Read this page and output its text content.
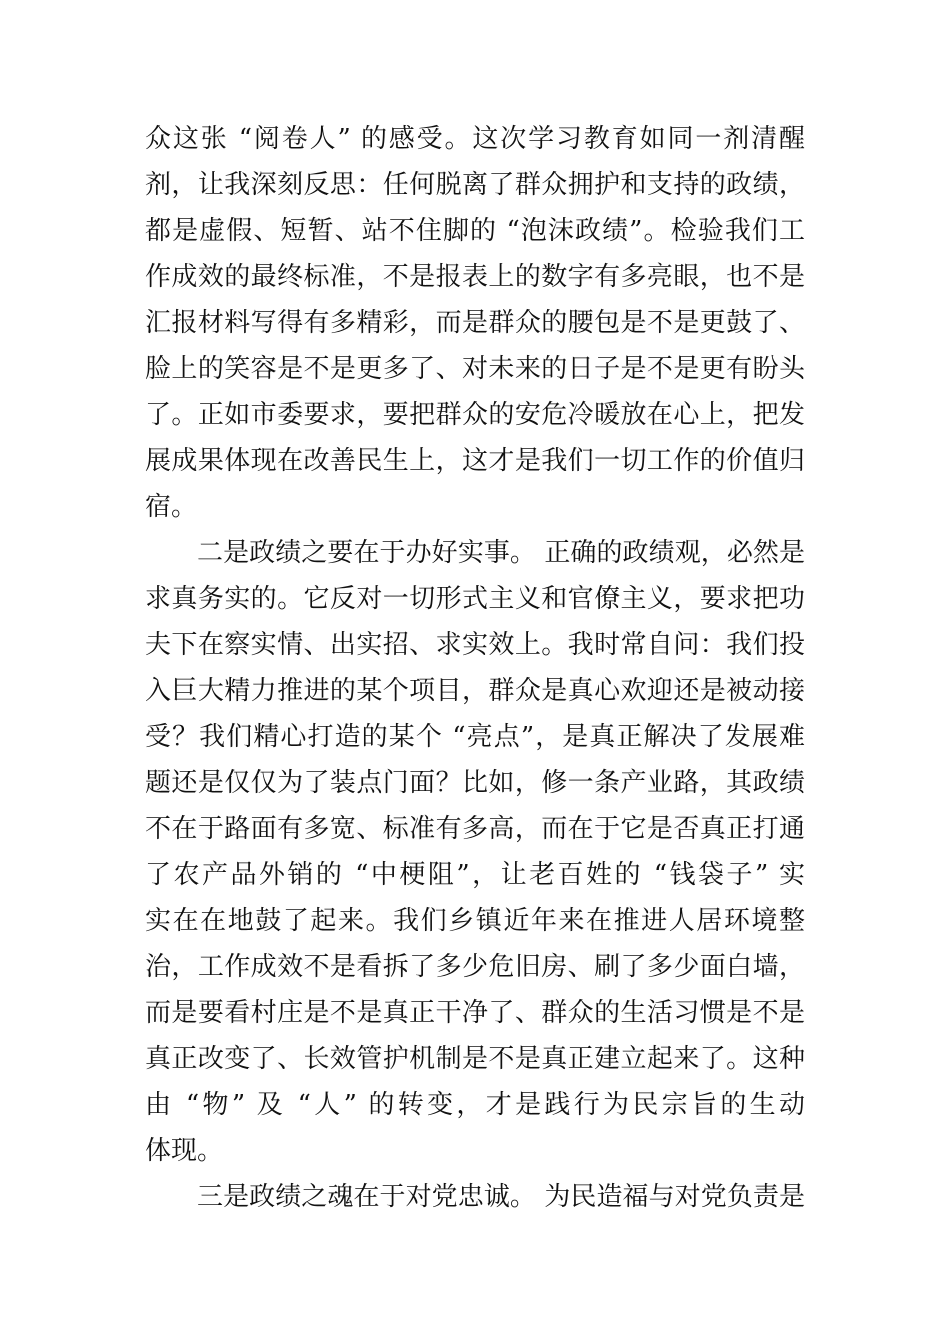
众这张 “阅卷人” 的感受。这次学习教育如同一剂清醒
剂，让我深刻反思：任何脱离了群众拥护和支持的政绩，
都是虚假、短暂、站不住脚的 “泡沫政绩”。检验我们工
作成效的最终标准，不是报表上的数字有多亮眼，也不是
汇报材料写得有多精彩，而是群众的腰包是不是更鼓了、
脸上的笑容是不是更多了、对未来的日子是不是更有盼头
了。正如市委要求，要把群众的安危冷暖放在心上，把发
展成果体现在改善民生上，这才是我们一切工作的价值归
宿。
二是政绩之要在于办好实事。 正确的政绩观，必然是
求真务实的。它反对一切形式主义和官僚主义，要求把功
夫下在察实情、出实招、求实效上。我时常自问：我们投
入巨大精力推进的某个项目，群众是真心欢迎还是被动接
受？我们精心打造的某个 “亮点”，是真正解决了发展难
题还是仅仅为了装点门面？比如，修一条产业路，其政绩
不在于路面有多宽、标准有多高，而在于它是否真正打通
了农产品外销的 “中梗阻”，让老百姓的 “钱袋子” 实
实在在地鼓了起来。我们乡镇近年来在推进人居环境整
治，工作成效不是看拆了多少危旧房、刷了多少面白墙，
而是要看村庄是不是真正干净了、群众的生活习惯是不是
真正改变了、长效管护机制是不是真正建立起来了。这种
由 “物” 及 “人” 的转变，才是践行为民宗旨的生动
体现。
三是政绩之魂在于对党忠诚。 为民造福与对党负责是
